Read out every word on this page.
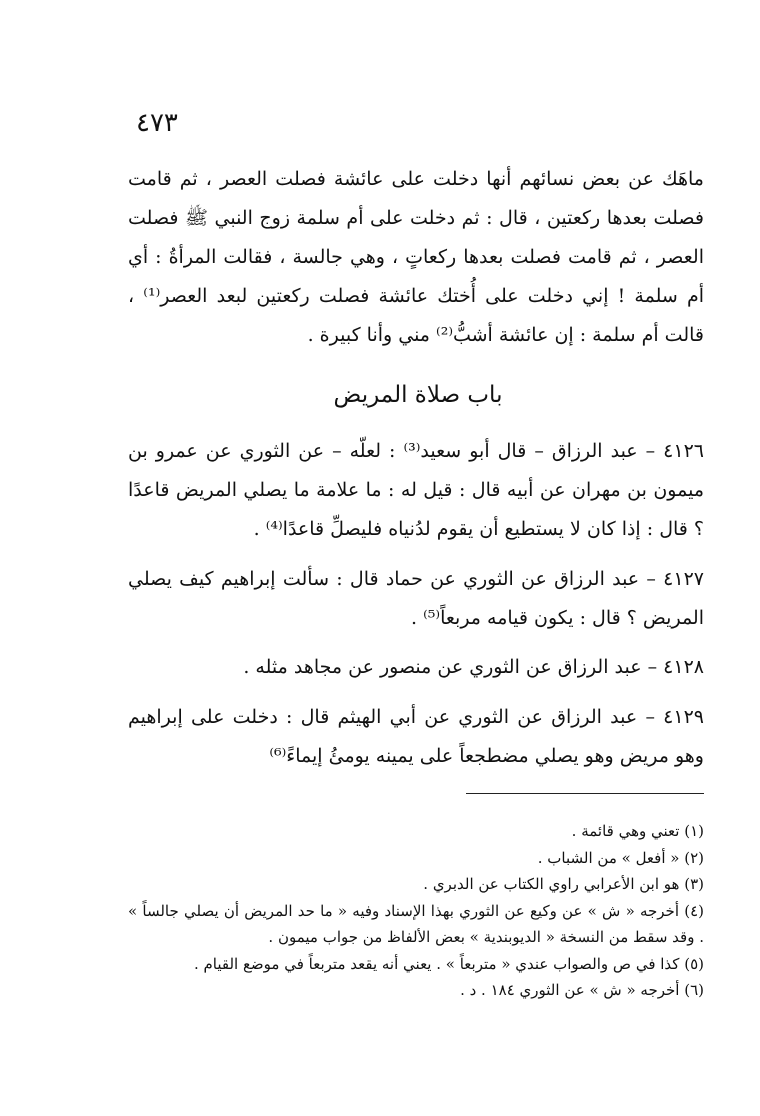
٤٧٣
ماهَك عن بعض نسائهم أنها دخلت على عائشة فصلت العصر ، ثم قامت فصلت بعدها ركعتين ، قال : ثم دخلت على أم سلمة زوج النبي ﷺ فصلت العصر ، ثم قامت فصلت بعدها ركعاتٍ ، وهي جالسة ، فقالت المرأةُ : أي أم سلمة ! إني دخلت على أُختك عائشة فصلت ركعتين لبعد العصر⁽¹⁾ ، قالت أم سلمة : إن عائشة أشبُّ⁽²⁾ مني وأنا كبيرة .
باب صلاة المريض
٤١٢٦ – عبد الرزاق – قال أبو سعيد⁽³⁾ : لعلّه – عن الثوري عن عمرو بن ميمون بن مهران عن أبيه قال : قيل له : ما علامة ما يصلي المريض قاعدًا ؟ قال : إذا كان لا يستطيع أن يقوم لدُنياه فليصلِّ قاعدًا⁽⁴⁾ .
٤١٢٧ – عبد الرزاق عن الثوري عن حماد قال : سألت إبراهيم كيف يصلي المريض ؟ قال : يكون قيامه مربعاً⁽⁵⁾ .
٤١٢٨ – عبد الرزاق عن الثوري عن منصور عن مجاهد مثله .
٤١٢٩ – عبد الرزاق عن الثوري عن أبي الهيثم قال : دخلت على إبراهيم وهو مريض وهو يصلي مضطجعاً على يمينه يومئُ إيماءً⁽⁶⁾
(١) تعني وهي قائمة .
(٢) « أفعل » من الشباب .
(٣) هو ابن الأعرابي راوي الكتاب عن الدبري .
(٤) أخرجه « ش » عن وكيع عن الثوري بهذا الإسناد وفيه « ما حد المريض أن يصلي جالساً » . وقد سقط من النسخة « الديوبندية » بعض الألفاظ من جواب ميمون .
(٥) كذا في ص والصواب عندي « متربعاً » . يعني أنه يقعد متربعاً في موضع القيام .
(٦) أخرجه « ش » عن الثوري ١٨٤ . د .
